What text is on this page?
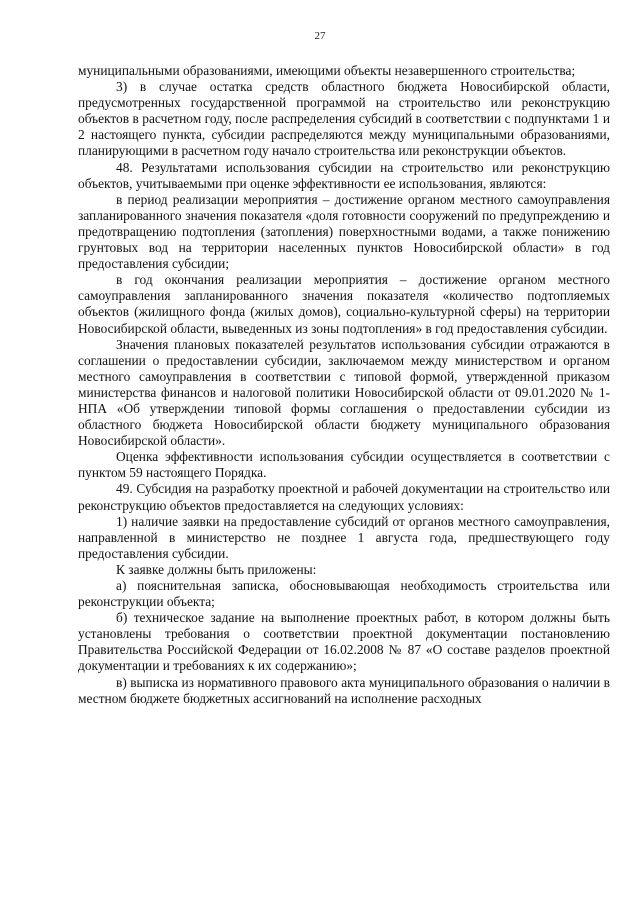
27

муниципальными образованиями, имеющими объекты незавершенного строительства;

3) в случае остатка средств областного бюджета Новосибирской области, предусмотренных государственной программой на строительство или реконструкцию объектов в расчетном году, после распределения субсидий в соответствии с подпунктами 1 и 2 настоящего пункта, субсидии распределяются между муниципальными образованиями, планирующими в расчетном году начало строительства или реконструкции объектов.

48. Результатами использования субсидии на строительство или реконструкцию объектов, учитываемыми при оценке эффективности ее использования, являются:

в период реализации мероприятия – достижение органом местного самоуправления запланированного значения показателя «доля готовности сооружений по предупреждению и предотвращению подтопления (затопления) поверхностными водами, а также понижению грунтовых вод на территории населенных пунктов Новосибирской области» в год предоставления субсидии;

в год окончания реализации мероприятия – достижение органом местного самоуправления запланированного значения показателя «количество подтопляемых объектов (жилищного фонда (жилых домов), социально-культурной сферы) на территории Новосибирской области, выведенных из зоны подтопления» в год предоставления субсидии.

Значения плановых показателей результатов использования субсидии отражаются в соглашении о предоставлении субсидии, заключаемом между министерством и органом местного самоуправления в соответствии с типовой формой, утвержденной приказом министерства финансов и налоговой политики Новосибирской области от 09.01.2020 № 1-НПА «Об утверждении типовой формы соглашения о предоставлении субсидии из областного бюджета Новосибирской области бюджету муниципального образования Новосибирской области».

Оценка эффективности использования субсидии осуществляется в соответствии с пунктом 59 настоящего Порядка.

49. Субсидия на разработку проектной и рабочей документации на строительство или реконструкцию объектов предоставляется на следующих условиях:

1) наличие заявки на предоставление субсидий от органов местного самоуправления, направленной в министерство не позднее 1 августа года, предшествующего году предоставления субсидии.

К заявке должны быть приложены:

а) пояснительная записка, обосновывающая необходимость строительства или реконструкции объекта;

б) техническое задание на выполнение проектных работ, в котором должны быть установлены требования о соответствии проектной документации постановлению Правительства Российской Федерации от 16.02.2008 № 87 «О составе разделов проектной документации и требованиях к их содержанию»;

в) выписка из нормативного правового акта муниципального образования о наличии в местном бюджете бюджетных ассигнований на исполнение расходных
